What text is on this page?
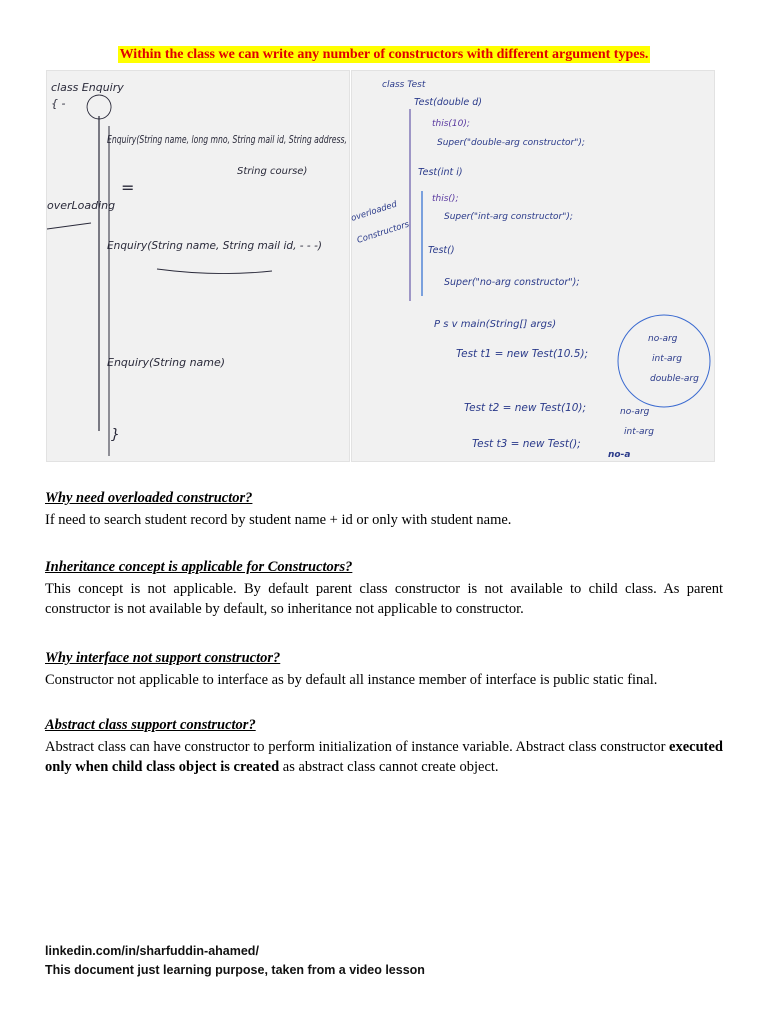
Within the class we can write any number of constructors with different argument types.
class Enquiry
{ -
Enquiry(String name, long mno, String mail id, String address,
String course)
=
overLoading
Enquiry(String name, String mail id, - - -)
Enquiry(String name)
}
class Test
Test(double d)
this(10);
Super("double-arg constructor");
Test(int i)
this();
Super("int-arg constructor");
Test()
Super("no-arg constructor");
overloaded
Constructors
P s v main(String[] args)
Test t1 = new Test(10.5);
Test t2 = new Test(10);
Test t3 = new Test();
no-arg
int-arg
double-arg
no-arg
int-arg
no-a

Why need overloaded constructor?

If need to search student record by student name + id or only with student name.

Inheritance concept is applicable for Constructors?

This concept is not applicable. By default parent class constructor is not available to child class. As parent constructor is not available by default, so inheritance not applicable to constructor.

Why interface not support constructor?

Constructor not applicable to interface as by default all instance member of interface is public static final.

Abstract class support constructor?

Abstract class can have constructor to perform initialization of instance variable. Abstract class constructor executed only when child class object is created as abstract class cannot create object.

linkedin.com/in/sharfuddin-ahamed/
This document just learning purpose, taken from a video lesson
